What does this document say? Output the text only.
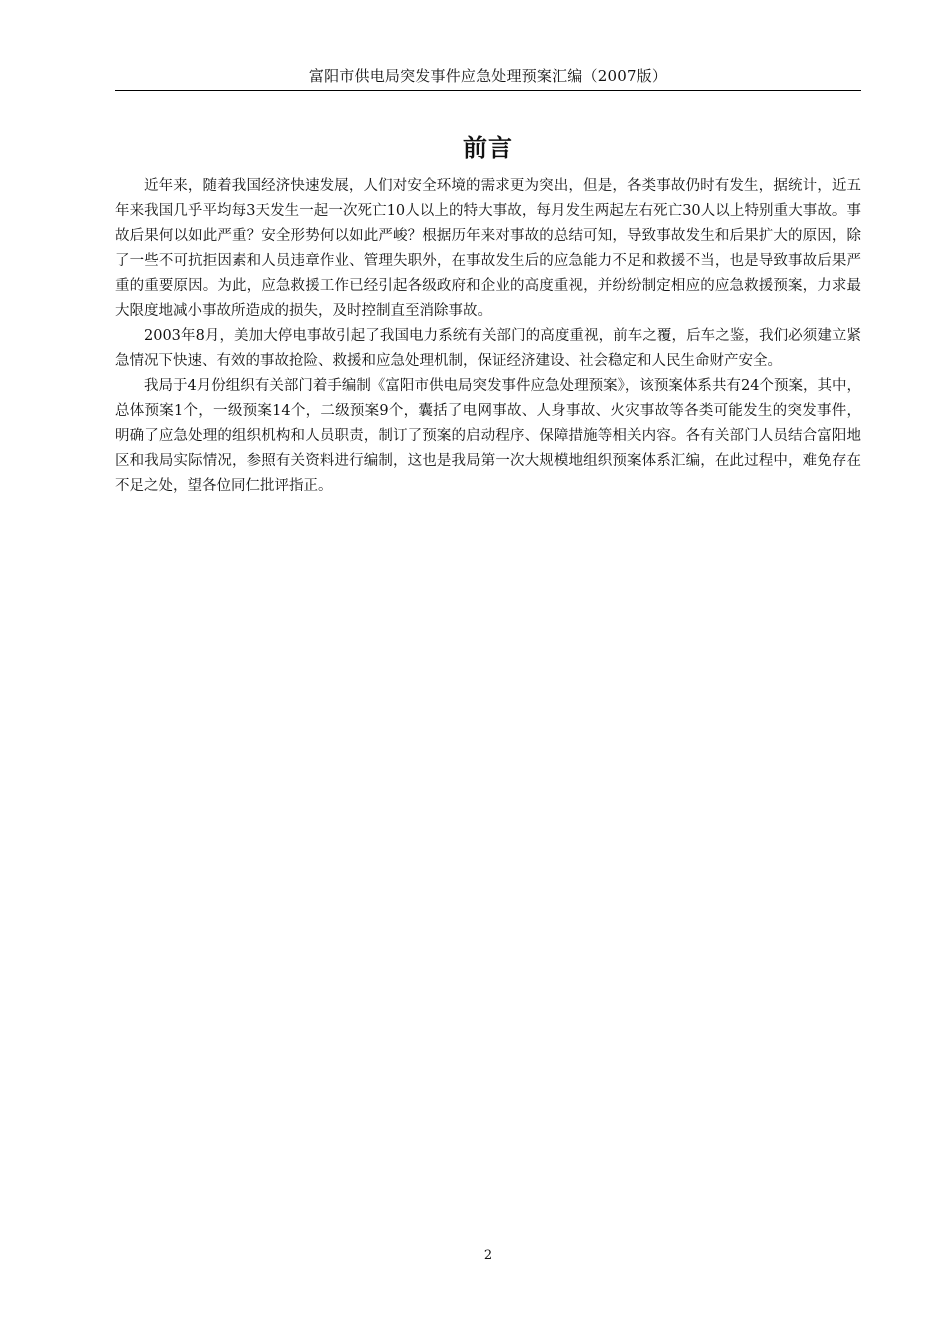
富阳市供电局突发事件应急处理预案汇编（2007版）
前言

近年来，随着我国经济快速发展，人们对安全环境的需求更为突出，但是，各类事故仍时有发生，据统计，近五年来我国几乎平均每3天发生一起一次死亡10人以上的特大事故，每月发生两起左右死亡30人以上特别重大事故。事故后果何以如此严重？安全形势何以如此严峻？根据历年来对事故的总结可知，导致事故发生和后果扩大的原因，除了一些不可抗拒因素和人员违章作业、管理失职外，在事故发生后的应急能力不足和救援不当，也是导致事故后果严重的重要原因。为此，应急救援工作已经引起各级政府和企业的高度重视，并纷纷制定相应的应急救援预案，力求最大限度地减小事故所造成的损失，及时控制直至消除事故。

2003年8月，美加大停电事故引起了我国电力系统有关部门的高度重视，前车之覆，后车之鉴，我们必须建立紧急情况下快速、有效的事故抢险、救援和应急处理机制，保证经济建设、社会稳定和人民生命财产安全。

我局于4月份组织有关部门着手编制《富阳市供电局突发事件应急处理预案》，该预案体系共有24个预案，其中，总体预案1个，一级预案14个，二级预案9个，囊括了电网事故、人身事故、火灾事故等各类可能发生的突发事件，明确了应急处理的组织机构和人员职责，制订了预案的启动程序、保障措施等相关内容。各有关部门人员结合富阳地区和我局实际情况，参照有关资料进行编制，这也是我局第一次大规模地组织预案体系汇编，在此过程中，难免存在不足之处，望各位同仁批评指正。

2
